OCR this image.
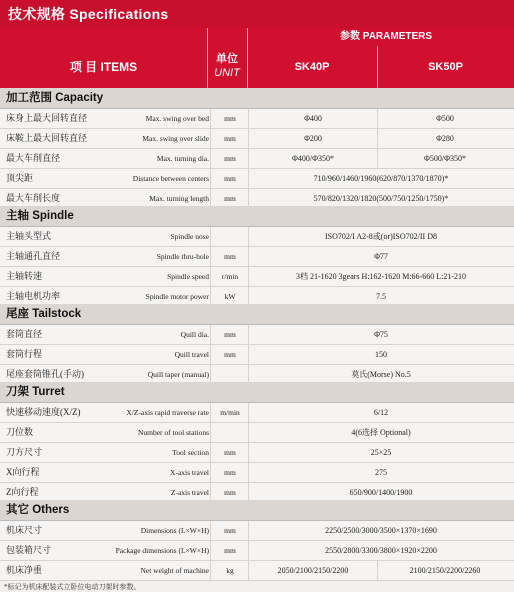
技术规格 Specifications
参数 PARAMETERS
项 目 ITEMS
单位
UNIT	SK40P	SK50P
加工范围 Capacity
床身上最大回转直径	Max. swing over bed	mm	Φ400	Φ500
床鞍上最大回转直径	Max. swing over slide	mm	Φ200	Φ280
最大车削直径	Max. turning dia.	mm	Φ400/Φ350*	Φ500/Φ350*
顶尖距	Distance between centers	mm	710/960/1460/1960(620/870/1370/1870)*
最大车削长度	Max. turning length	mm	570/820/1320/1820(500/750/1250/1750)*
主轴 Spindle
主轴头型式	Spindle nose	ISO702/I A2-8或(or)ISO702/II D8
主轴通孔直径	Spindle thru-hole	mm	Φ77
主轴转速	Spindle speed	r/min	3档 21-1620 3gears H:162-1620 M:66-660 L:21-210
主轴电机功率	Spindle motor power	kW	7.5
尾座 Tailstock
套筒直径	Quill dia.	mm	Φ75
套筒行程	Quill travel	mm	150
尾座套筒锥孔(手动)	Quill taper (manual)	莫氏(Morse) No.5
刀架 Turret
快速移动速度(X/Z)	X/Z-axis rapid traverse rate	m/min	6/12
刀位数	Number of tool stations	4(6选择 Optional)
刀方尺寸	Tool section	mm	25×25
X向行程	X-axis travel	mm	275
Z向行程	Z-axis travel	mm	650/900/1400/1900
其它 Others
机床尺寸	Dimensions (L×W×H)	mm	2250/2500/3000/3500×1370×1690
包装箱尺寸	Package dimensions (L×W×H)	mm	2550/2800/3300/3800×1920×2200
机床净重	Net weight of machine	kg	2050/2100/2150/2200	2100/2150/2200/2260
*标记为机床配装式立卧位电动刀架时参数。
